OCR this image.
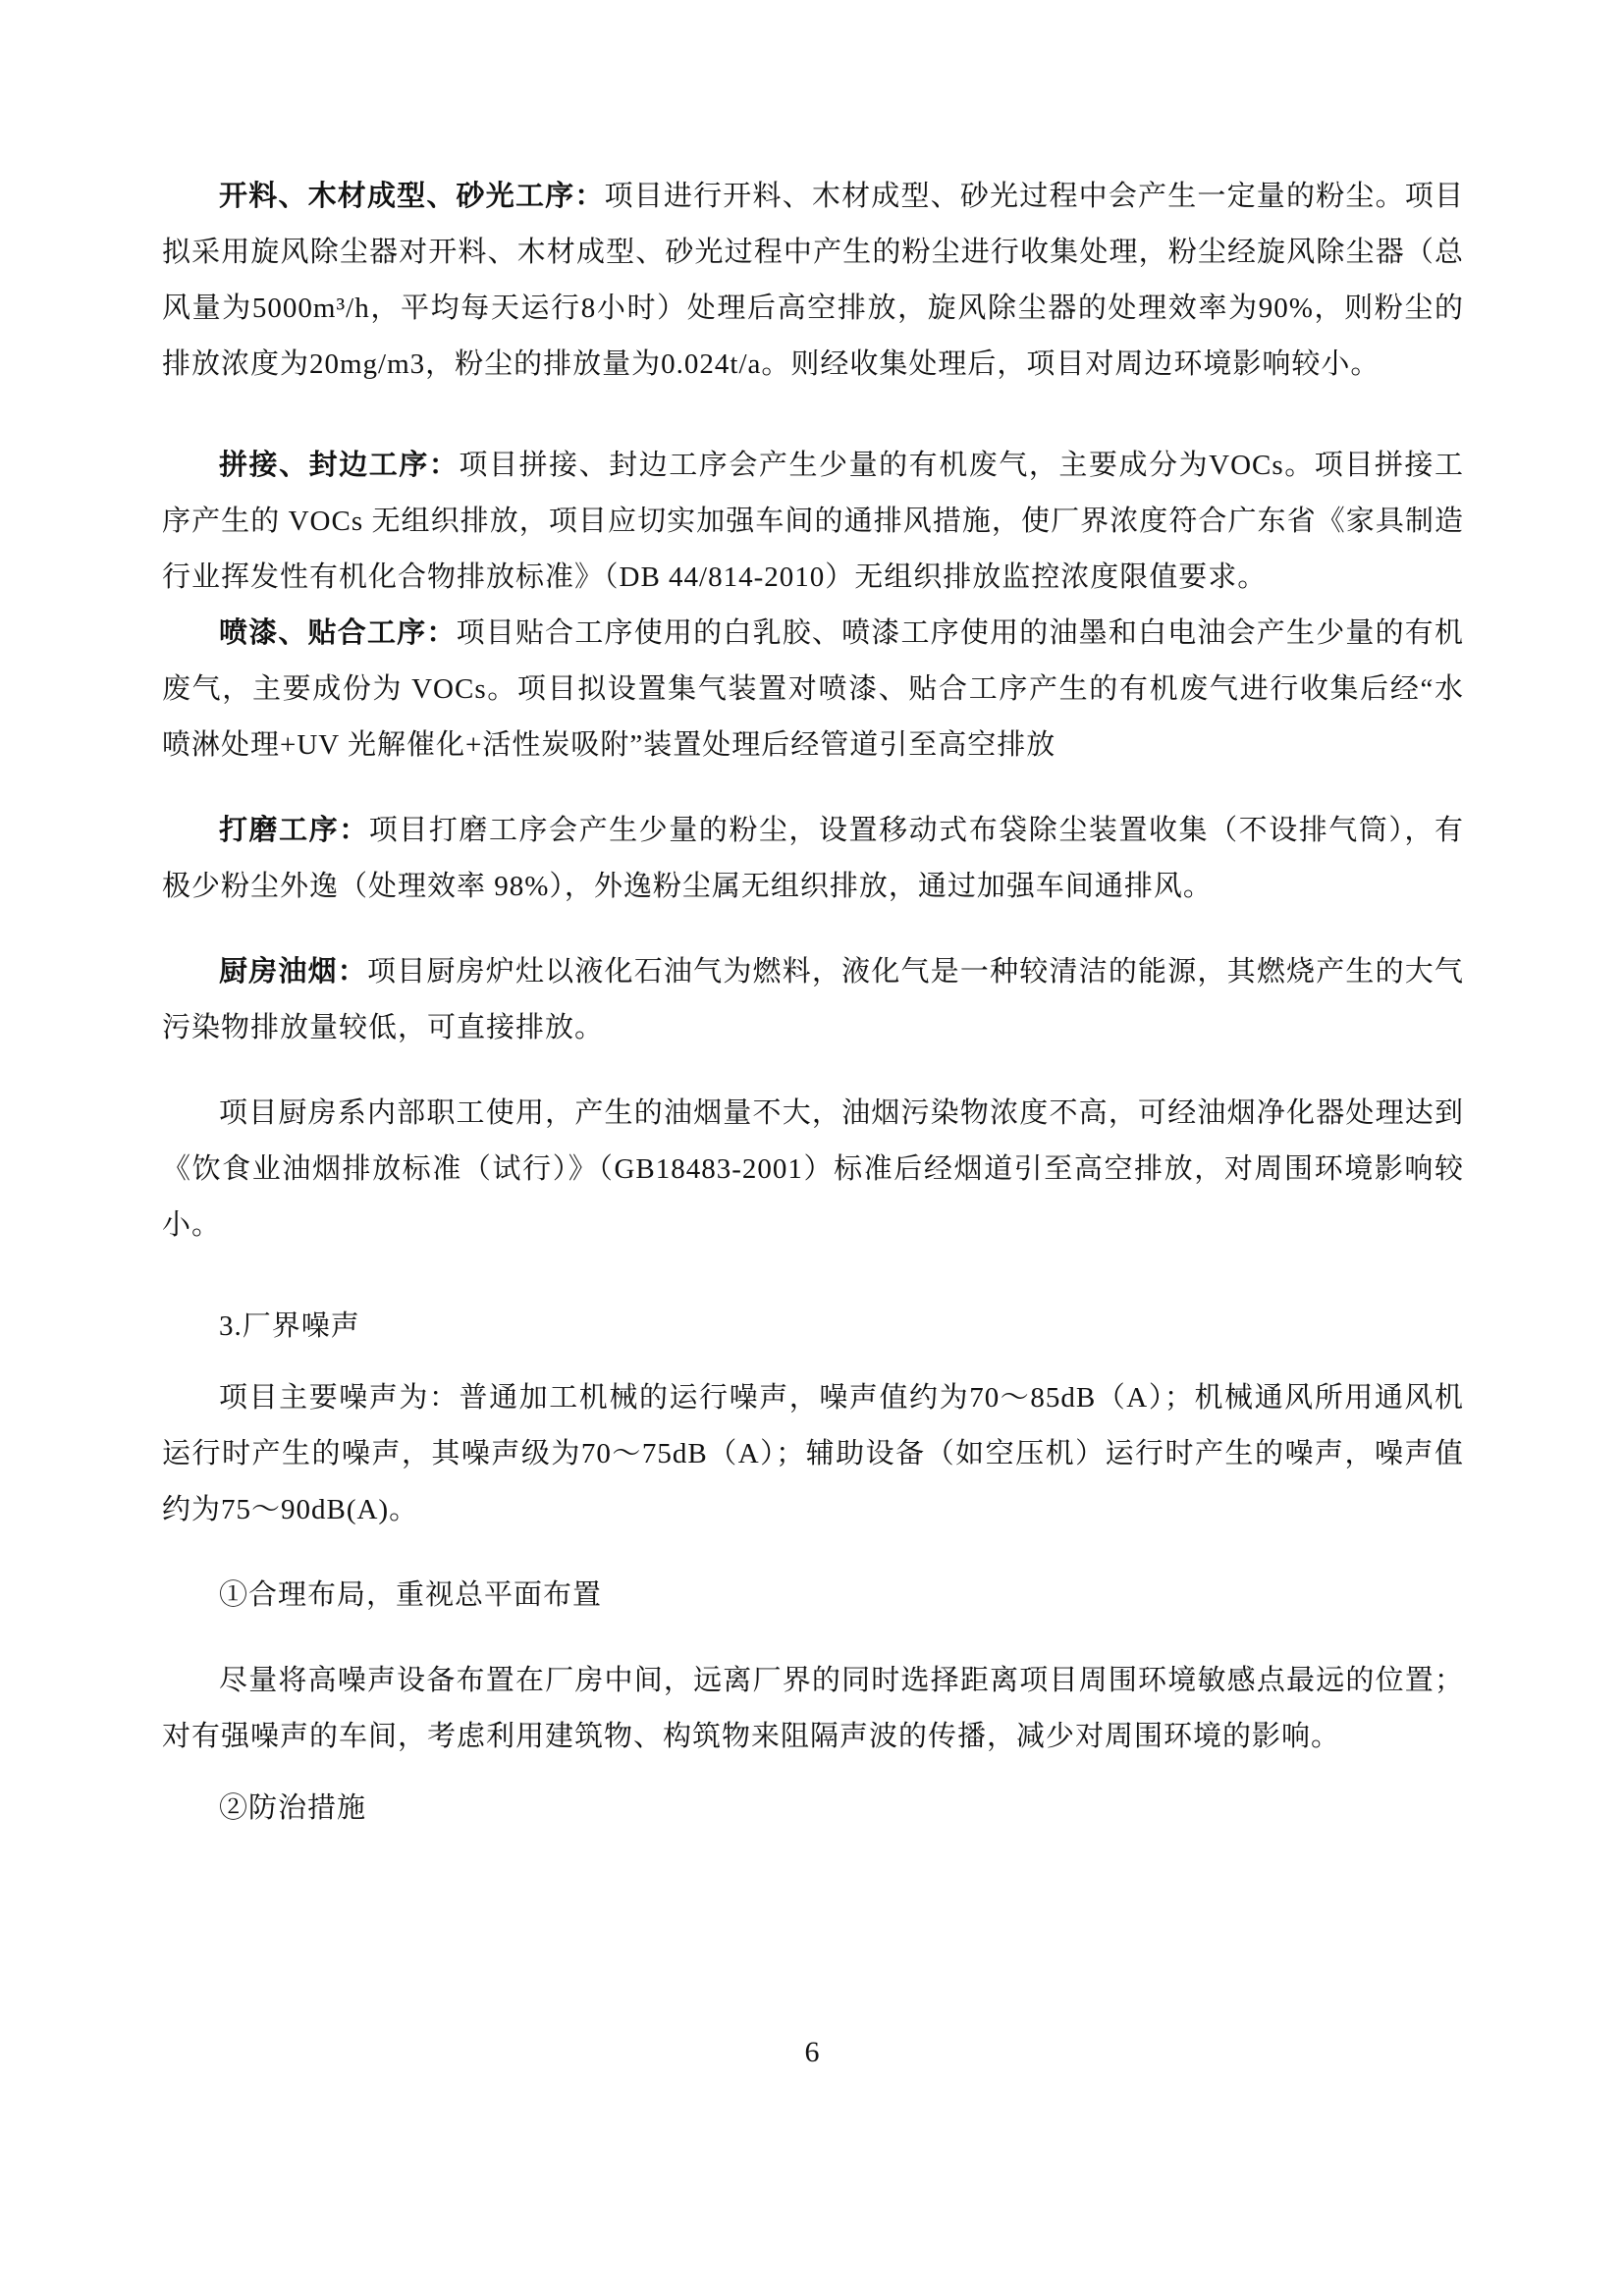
开料、木材成型、砂光工序：项目进行开料、木材成型、砂光过程中会产生一定量的粉尘。项目拟采用旋风除尘器对开料、木材成型、砂光过程中产生的粉尘进行收集处理，粉尘经旋风除尘器（总风量为5000m³/h，平均每天运行8小时）处理后高空排放，旋风除尘器的处理效率为90%，则粉尘的排放浓度为20mg/m3，粉尘的排放量为0.024t/a。则经收集处理后，项目对周边环境影响较小。

拼接、封边工序：项目拼接、封边工序会产生少量的有机废气，主要成分为VOCs。项目拼接工序产生的 VOCs 无组织排放，项目应切实加强车间的通排风措施，使厂界浓度符合广东省《家具制造行业挥发性有机化合物排放标准》（DB 44/814-2010）无组织排放监控浓度限值要求。

喷漆、贴合工序：项目贴合工序使用的白乳胶、喷漆工序使用的油墨和白电油会产生少量的有机废气，主要成份为 VOCs。项目拟设置集气装置对喷漆、贴合工序产生的有机废气进行收集后经“水喷淋处理+UV 光解催化+活性炭吸附”装置处理后经管道引至高空排放

打磨工序：项目打磨工序会产生少量的粉尘，设置移动式布袋除尘装置收集（不设排气筒），有极少粉尘外逸（处理效率 98%），外逸粉尘属无组织排放，通过加强车间通排风。

厨房油烟：项目厨房炉灶以液化石油气为燃料，液化气是一种较清洁的能源，其燃烧产生的大气污染物排放量较低，可直接排放。

项目厨房系内部职工使用，产生的油烟量不大，油烟污染物浓度不高，可经油烟净化器处理达到《饮食业油烟排放标准（试行）》（GB18483-2001）标准后经烟道引至高空排放，对周围环境影响较小。

3.厂界噪声

项目主要噪声为：普通加工机械的运行噪声，噪声值约为70～85dB（A）；机械通风所用通风机运行时产生的噪声，其噪声级为70～75dB（A）；辅助设备（如空压机）运行时产生的噪声，噪声值约为75～90dB(A)。

①合理布局，重视总平面布置

尽量将高噪声设备布置在厂房中间，远离厂界的同时选择距离项目周围环境敏感点最远的位置；对有强噪声的车间，考虑利用建筑物、构筑物来阻隔声波的传播，减少对周围环境的影响。

②防治措施

6
